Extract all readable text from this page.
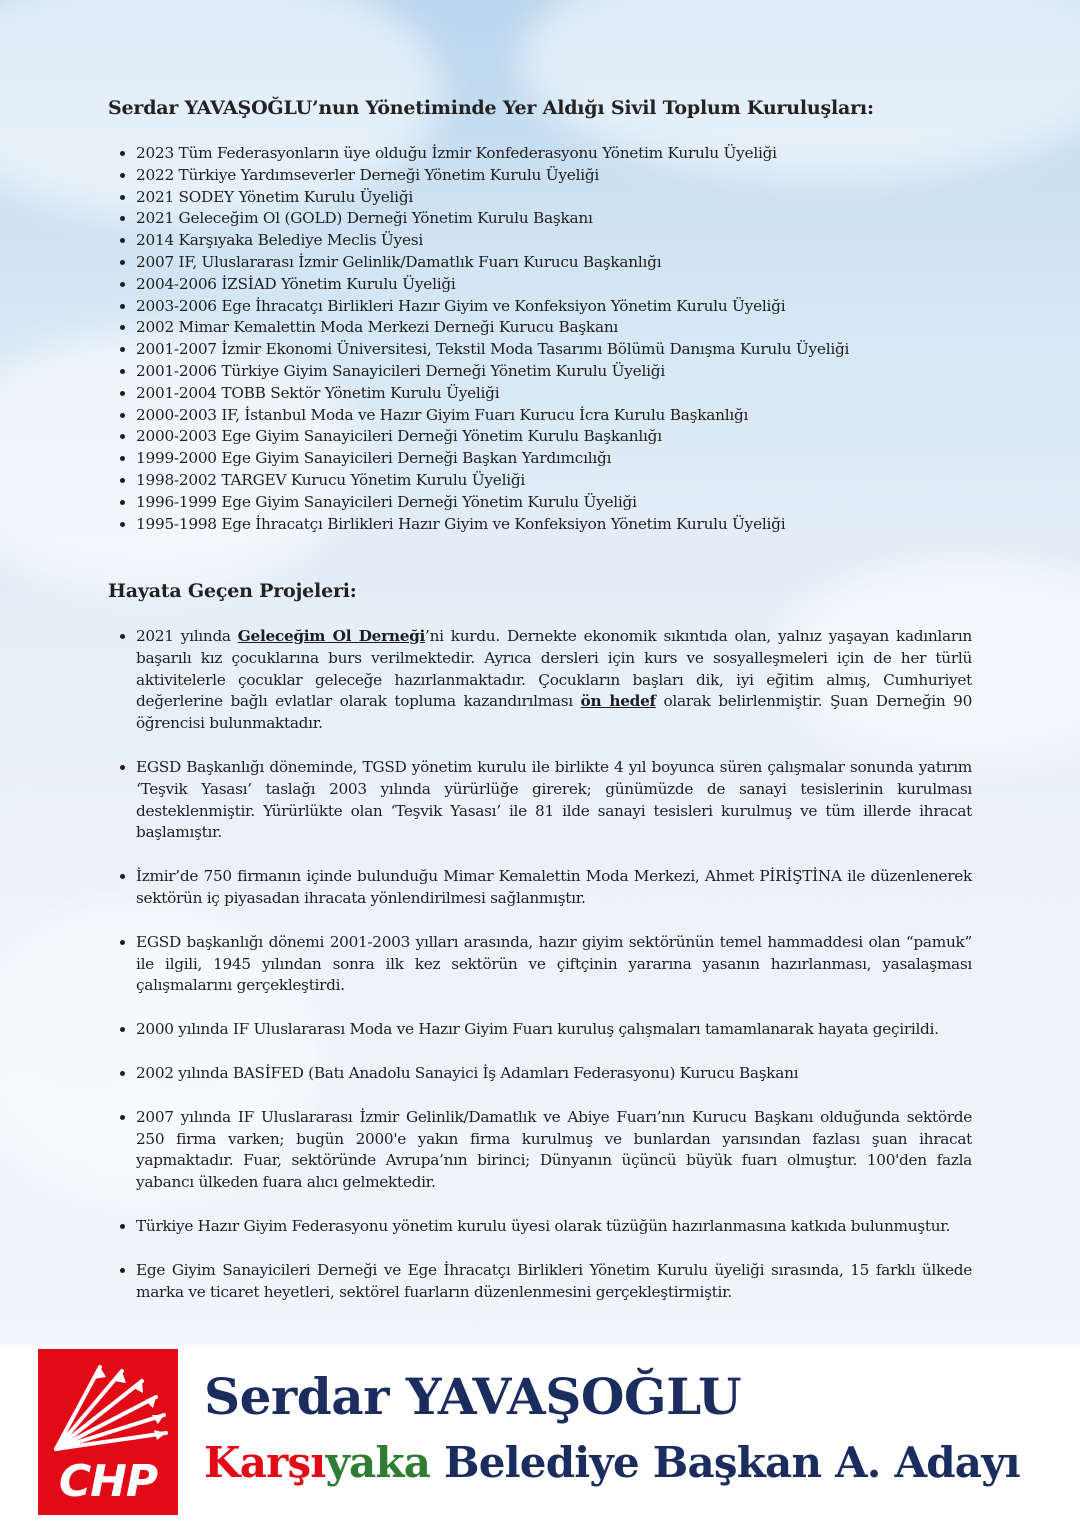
Serdar YAVAŞOĞLU’nun Yönetiminde Yer Aldığı Sivil Toplum Kuruluşları:
• 2023 Tüm Federasyonların üye olduğu İzmir Konfederasyonu Yönetim Kurulu Üyeliği
• 2022 Türkiye Yardımseverler Derneği Yönetim Kurulu Üyeliği
• 2021 SODEY Yönetim Kurulu Üyeliği
• 2021 Geleceğim Ol (GOLD) Derneği Yönetim Kurulu Başkanı
• 2014 Karşıyaka Belediye Meclis Üyesi
• 2007 IF, Uluslararası İzmir Gelinlik/Damatlık Fuarı Kurucu Başkanlığı
• 2004-2006 İZSİAD Yönetim Kurulu Üyeliği
• 2003-2006 Ege İhracatçı Birlikleri Hazır Giyim ve Konfeksiyon Yönetim Kurulu Üyeliği
• 2002 Mimar Kemalettin Moda Merkezi Derneği Kurucu Başkanı
• 2001-2007 İzmir Ekonomi Üniversitesi, Tekstil Moda Tasarımı Bölümü Danışma Kurulu Üyeliği
• 2001-2006 Türkiye Giyim Sanayicileri Derneği Yönetim Kurulu Üyeliği
• 2001-2004 TOBB Sektör Yönetim Kurulu Üyeliği
• 2000-2003 IF, İstanbul Moda ve Hazır Giyim Fuarı Kurucu İcra Kurulu Başkanlığı
• 2000-2003 Ege Giyim Sanayicileri Derneği Yönetim Kurulu Başkanlığı
• 1999-2000 Ege Giyim Sanayicileri Derneği Başkan Yardımcılığı
• 1998-2002 TARGEV Kurucu Yönetim Kurulu Üyeliği
• 1996-1999 Ege Giyim Sanayicileri Derneği Yönetim Kurulu Üyeliği
• 1995-1998 Ege İhracatçı Birlikleri Hazır Giyim ve Konfeksiyon Yönetim Kurulu Üyeliği
Hayata Geçen Projeleri:
• 2021 yılında Geleceğim Ol Derneği’ni kurdu. Dernekte ekonomik sıkıntıda olan, yalnız yaşayan kadınların başarılı kız çocuklarına burs verilmektedir. Ayrıca dersleri için kurs ve sosyalleşmeleri için de her türlü aktivitelerle çocuklar geleceğe hazırlanmaktadır. Çocukların başları dik, iyi eğitim almış, Cumhuriyet değerlerine bağlı evlatlar olarak topluma kazandırılması ön hedef olarak belirlenmiştir. Şuan Derneğin 90 öğrencisi bulunmaktadır.
• EGSD Başkanlığı döneminde, TGSD yönetim kurulu ile birlikte 4 yıl boyunca süren çalışmalar sonunda yatırım ‘Teşvik Yasası’ taslağı 2003 yılında yürürlüğe girerek; günümüzde de sanayi tesislerinin kurulması desteklenmiştir. Yürürlükte olan ‘Teşvik Yasası’ ile 81 ilde sanayi tesisleri kurulmuş ve tüm illerde ihracat başlamıştır.
• İzmir’de 750 firmanın içinde bulunduğu Mimar Kemalettin Moda Merkezi, Ahmet PİRİŞTİNA ile düzenlenerek sektörün iç piyasadan ihracata yönlendirilmesi sağlanmıştır.
• EGSD başkanlığı dönemi 2001-2003 yılları arasında, hazır giyim sektörünün temel hammaddesi olan “pamuk” ile ilgili, 1945 yılından sonra ilk kez sektörün ve çiftçinin yararına yasanın hazırlanması, yasalaşması çalışmalarını gerçekleştirdi.
• 2000 yılında IF Uluslararası Moda ve Hazır Giyim Fuarı kuruluş çalışmaları tamamlanarak hayata geçirildi.
• 2002 yılında BASİFED (Batı Anadolu Sanayici İş Adamları Federasyonu) Kurucu Başkanı
• 2007 yılında IF Uluslararası İzmir Gelinlik/Damatlık ve Abiye Fuarı’nın Kurucu Başkanı olduğunda sektörde 250 firma varken; bugün 2000'e yakın firma kurulmuş ve bunlardan yarısından fazlası şuan ihracat yapmaktadır. Fuar, sektöründe Avrupa’nın birinci; Dünyanın üçüncü büyük fuarı olmuştur. 100'den fazla yabancı ülkeden fuara alıcı gelmektedir.
• Türkiye Hazır Giyim Federasyonu yönetim kurulu üyesi olarak tüzüğün hazırlanmasına katkıda bulunmuştur.
• Ege Giyim Sanayicileri Derneği ve Ege İhracatçı Birlikleri Yönetim Kurulu üyeliği sırasında, 15 farklı ülkede marka ve ticaret heyetleri, sektörel fuarların düzenlenmesini gerçekleştirmiştir.
CHP
Serdar YAVAŞOĞLU
Karşıyaka Belediye Başkan A. Adayı
